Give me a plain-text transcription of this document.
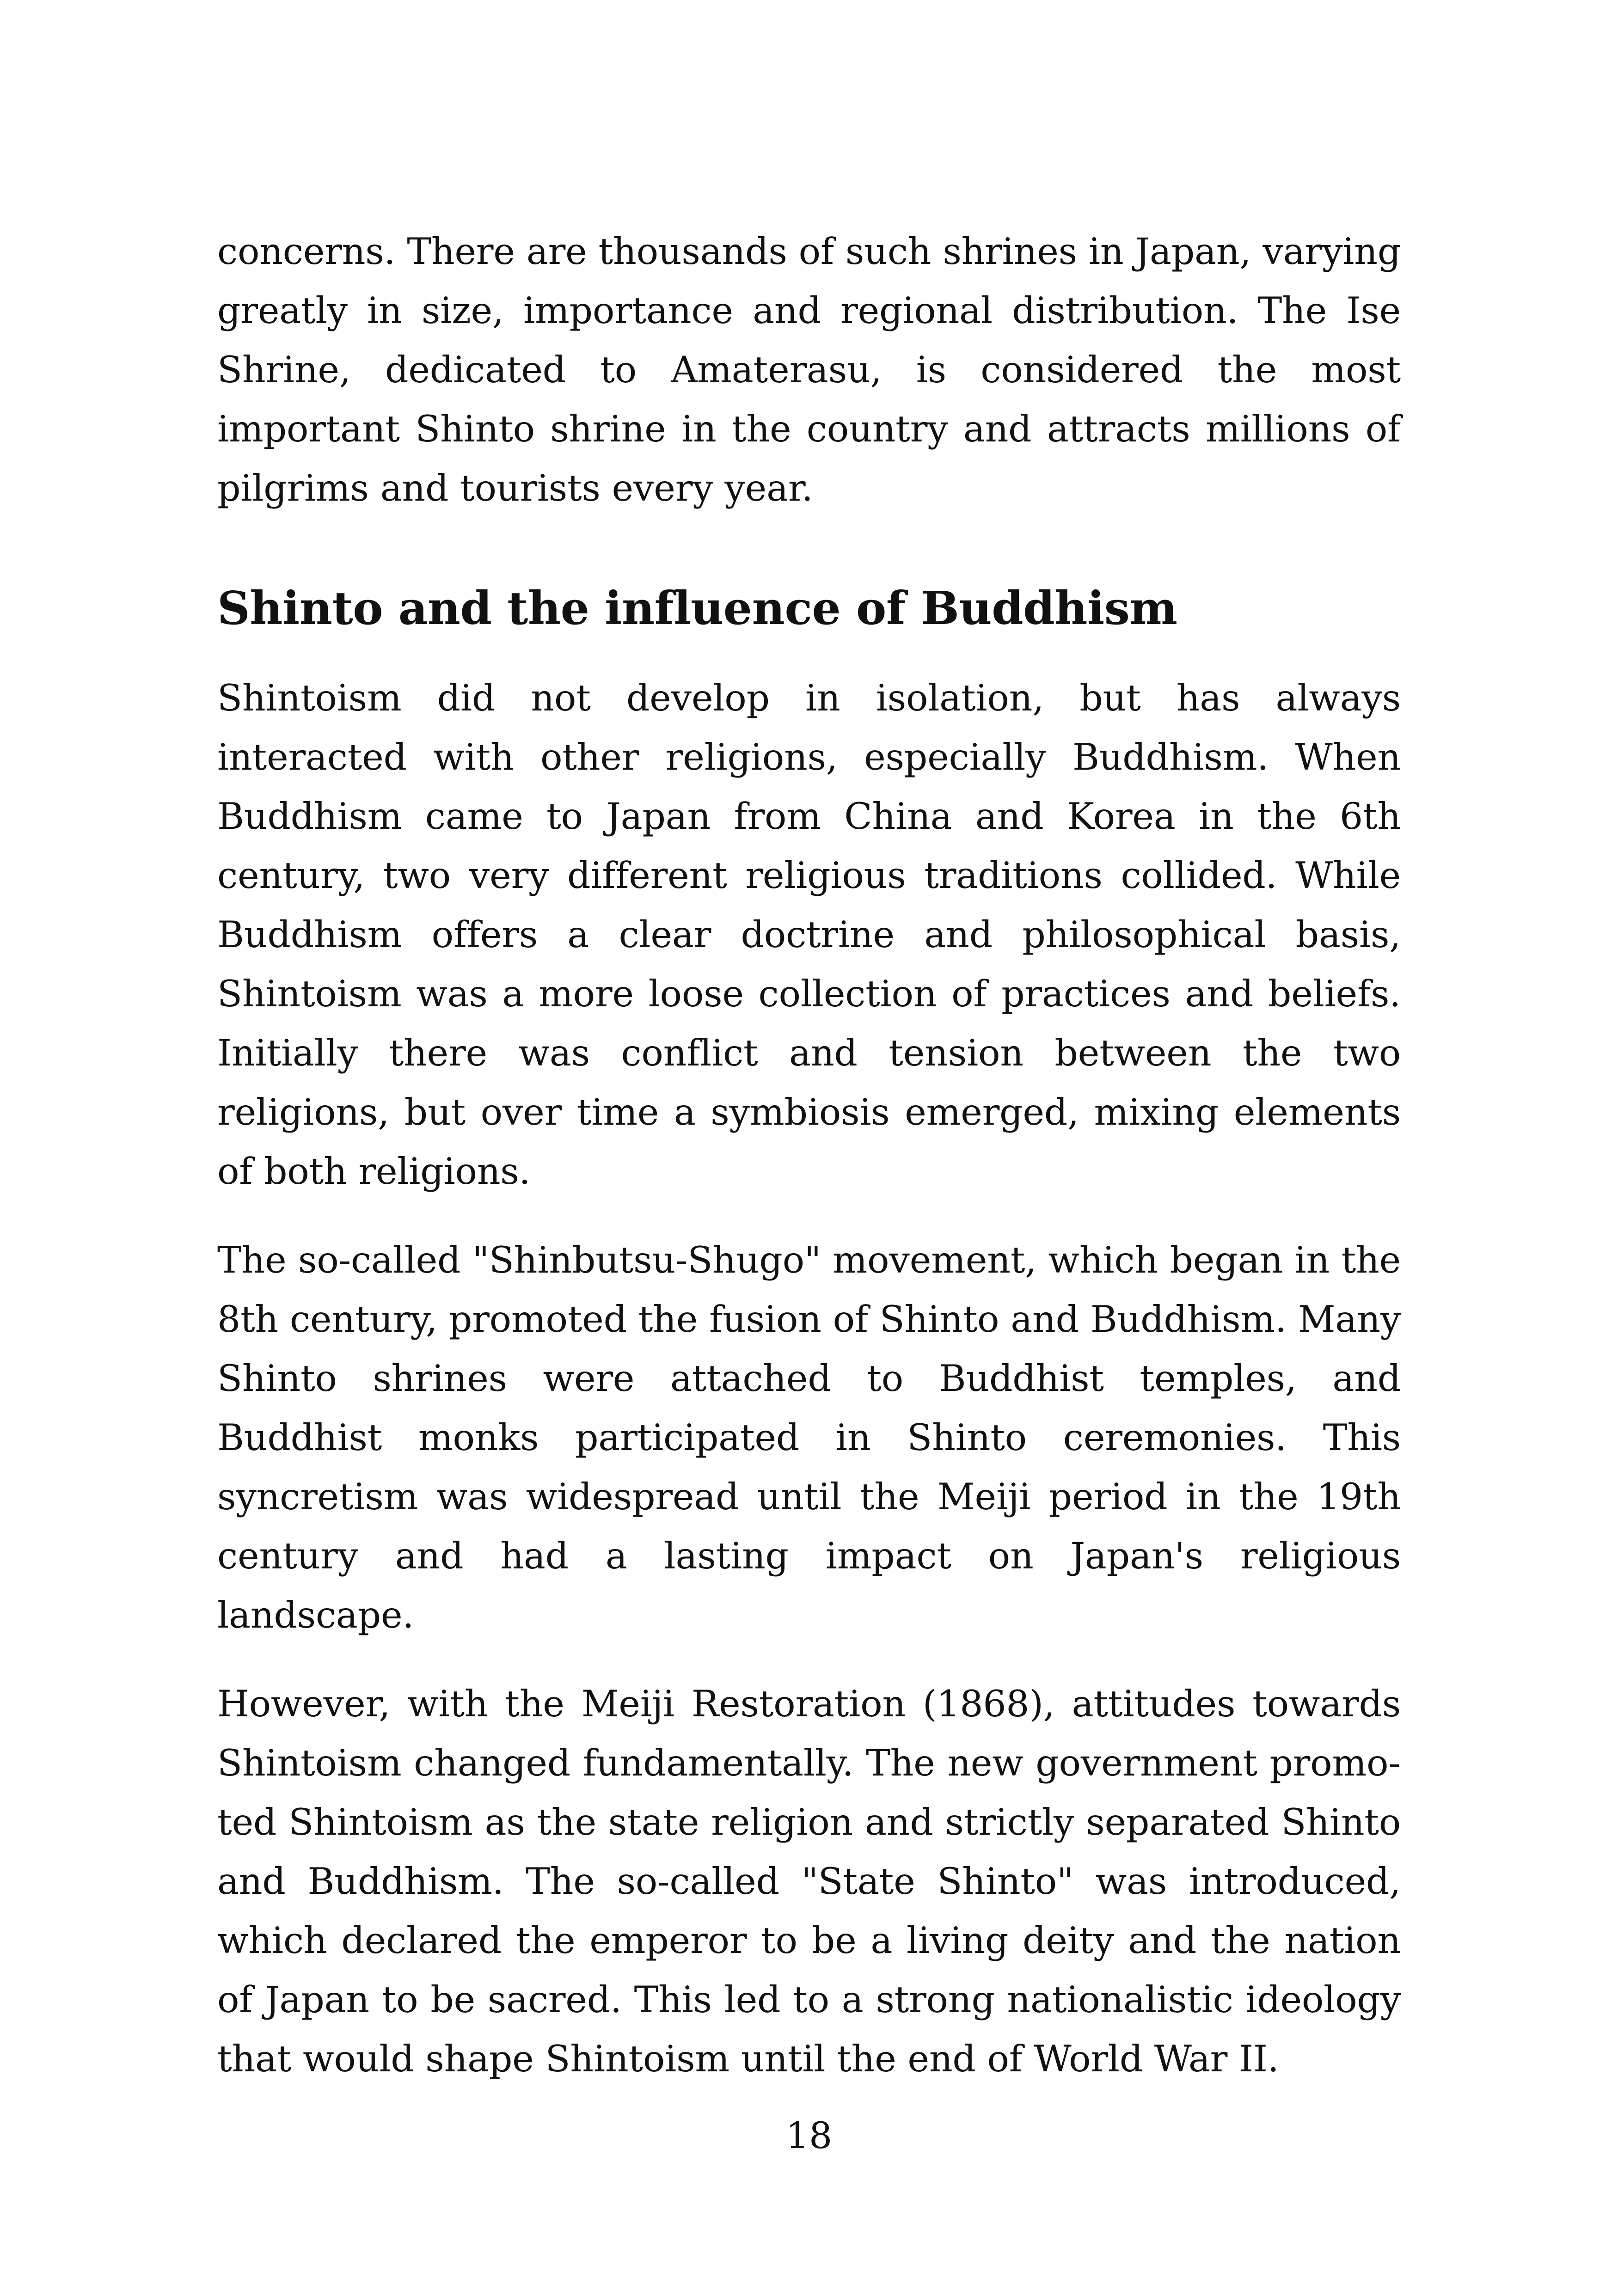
concerns. There are thousands of such shrines in Japan, varying greatly in size, importance and regional distribution. The Ise Shrine, dedicated to Amaterasu, is considered the most important Shinto shrine in the country and attracts millions of pilgrims and tourists every year.

Shinto and the influence of Buddhism

Shintoism did not develop in isolation, but has always interacted with other religions, especially Buddhism. When Buddhism came to Japan from China and Korea in the 6th century, two very different religious traditions collided. While Buddhism offers a clear doctrine and philosophical basis, Shintoism was a more loose collection of practices and beliefs. Initially there was conflict and tension between the two religions, but over time a symbiosis emerged, mixing elements of both religions.

The so-called "Shinbutsu-Shugo" movement, which began in the 8th century, promoted the fusion of Shinto and Buddhism. Many Shinto shrines were attached to Buddhist temples, and Buddhist monks participated in Shinto ceremonies. This syncretism was widespread until the Meiji period in the 19th century and had a lasting impact on Japan's religious landscape.

However, with the Meiji Restoration (1868), attitudes towards Shintoism changed fundamentally. The new government promoted Shintoism as the state religion and strictly separated Shinto and Buddhism. The so-called "State Shinto" was introduced, which declared the emperor to be a living deity and the nation of Japan to be sacred. This led to a strong nationalistic ideology that would shape Shintoism until the end of World War II.

18
